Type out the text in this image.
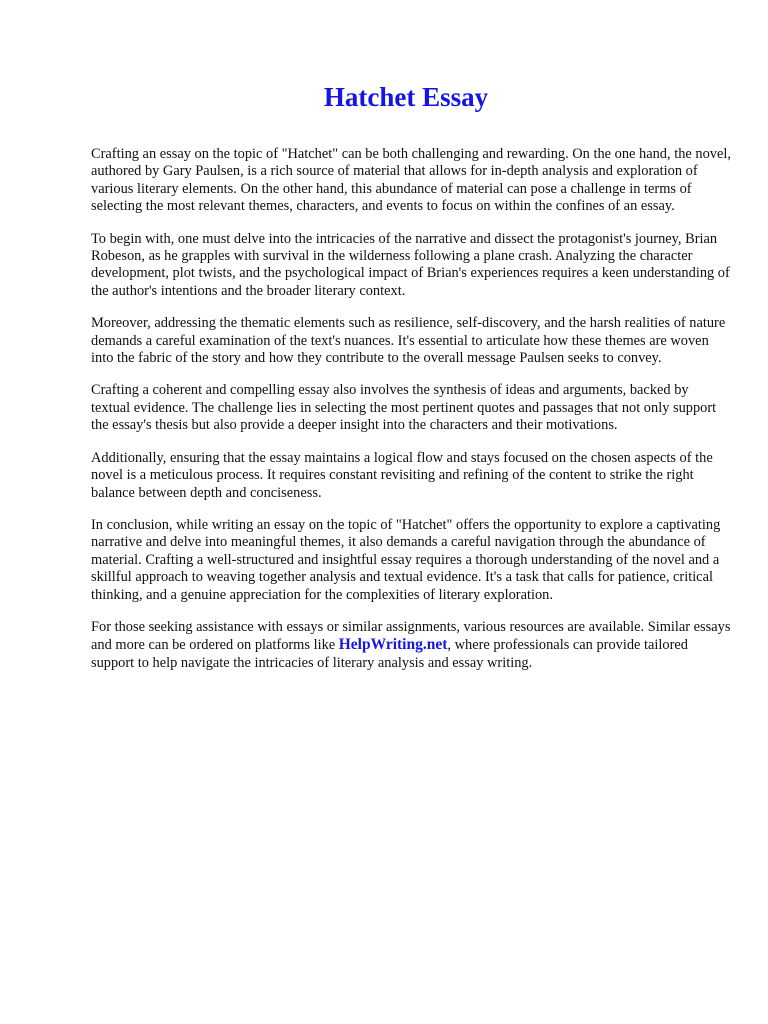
Hatchet Essay

Crafting an essay on the topic of "Hatchet" can be both challenging and rewarding. On the one hand, the novel, authored by Gary Paulsen, is a rich source of material that allows for in-depth analysis and exploration of various literary elements. On the other hand, this abundance of material can pose a challenge in terms of selecting the most relevant themes, characters, and events to focus on within the confines of an essay.

To begin with, one must delve into the intricacies of the narrative and dissect the protagonist's journey, Brian Robeson, as he grapples with survival in the wilderness following a plane crash. Analyzing the character development, plot twists, and the psychological impact of Brian's experiences requires a keen understanding of the author's intentions and the broader literary context.

Moreover, addressing the thematic elements such as resilience, self-discovery, and the harsh realities of nature demands a careful examination of the text's nuances. It's essential to articulate how these themes are woven into the fabric of the story and how they contribute to the overall message Paulsen seeks to convey.

Crafting a coherent and compelling essay also involves the synthesis of ideas and arguments, backed by textual evidence. The challenge lies in selecting the most pertinent quotes and passages that not only support the essay's thesis but also provide a deeper insight into the characters and their motivations.

Additionally, ensuring that the essay maintains a logical flow and stays focused on the chosen aspects of the novel is a meticulous process. It requires constant revisiting and refining of the content to strike the right balance between depth and conciseness.

In conclusion, while writing an essay on the topic of "Hatchet" offers the opportunity to explore a captivating narrative and delve into meaningful themes, it also demands a careful navigation through the abundance of material. Crafting a well-structured and insightful essay requires a thorough understanding of the novel and a skillful approach to weaving together analysis and textual evidence. It's a task that calls for patience, critical thinking, and a genuine appreciation for the complexities of literary exploration.

For those seeking assistance with essays or similar assignments, various resources are available. Similar essays and more can be ordered on platforms like HelpWriting.net, where professionals can provide tailored support to help navigate the intricacies of literary analysis and essay writing.
